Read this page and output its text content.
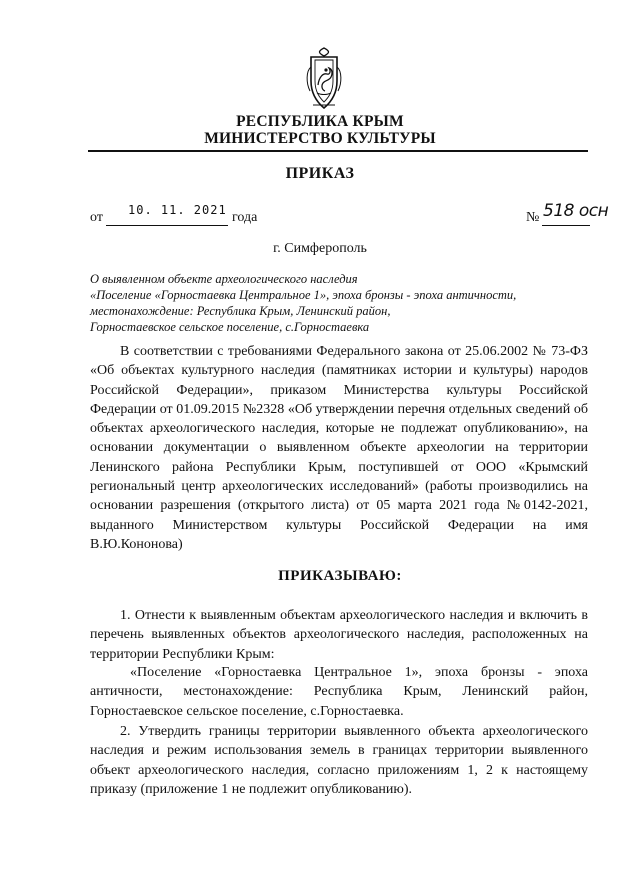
РЕСПУБЛИКА КРЫМ
МИНИСТЕРСТВО КУЛЬТУРЫ
ПРИКАЗ
от 10. 11. 2021 года	№ 518 ocн
г. Симферополь
О выявленном объекте археологического наследия
«Поселение «Горностаевка Центральное 1», эпоха бронзы - эпоха античности,
местонахождение: Республика Крым, Ленинский район,
Горностаевское сельское поселение, с.Горностаевка
В соответствии с требованиями Федерального закона от 25.06.2002 № 73-ФЗ «Об объектах культурного наследия (памятниках истории и культуры) народов Российской Федерации», приказом Министерства культуры Российской Федерации от 01.09.2015 №2328 «Об утверждении перечня отдельных сведений об объектах археологического наследия, которые не подлежат опубликованию», на основании документации о выявленном объекте археологии на территории Ленинского района Республики Крым, поступившей от ООО «Крымский региональный центр археологических исследований» (работы производились на основании разрешения (открытого листа) от 05 марта 2021 года №0142-2021, выданного Министерством культуры Российской Федерации на имя В.Ю.Кононова)
ПРИКАЗЫВАЮ:
1. Отнести к выявленным объектам археологического наследия и включить в перечень выявленных объектов археологического наследия, расположенных на территории Республики Крым:
«Поселение «Горностаевка Центральное 1», эпоха бронзы - эпоха античности, местонахождение: Республика Крым, Ленинский район, Горностаевское сельское поселение, с.Горностаевка.
2. Утвердить границы территории выявленного объекта археологического наследия и режим использования земель в границах территории выявленного объект археологического наследия, согласно приложениям 1, 2 к настоящему приказу (приложение 1 не подлежит опубликованию).
